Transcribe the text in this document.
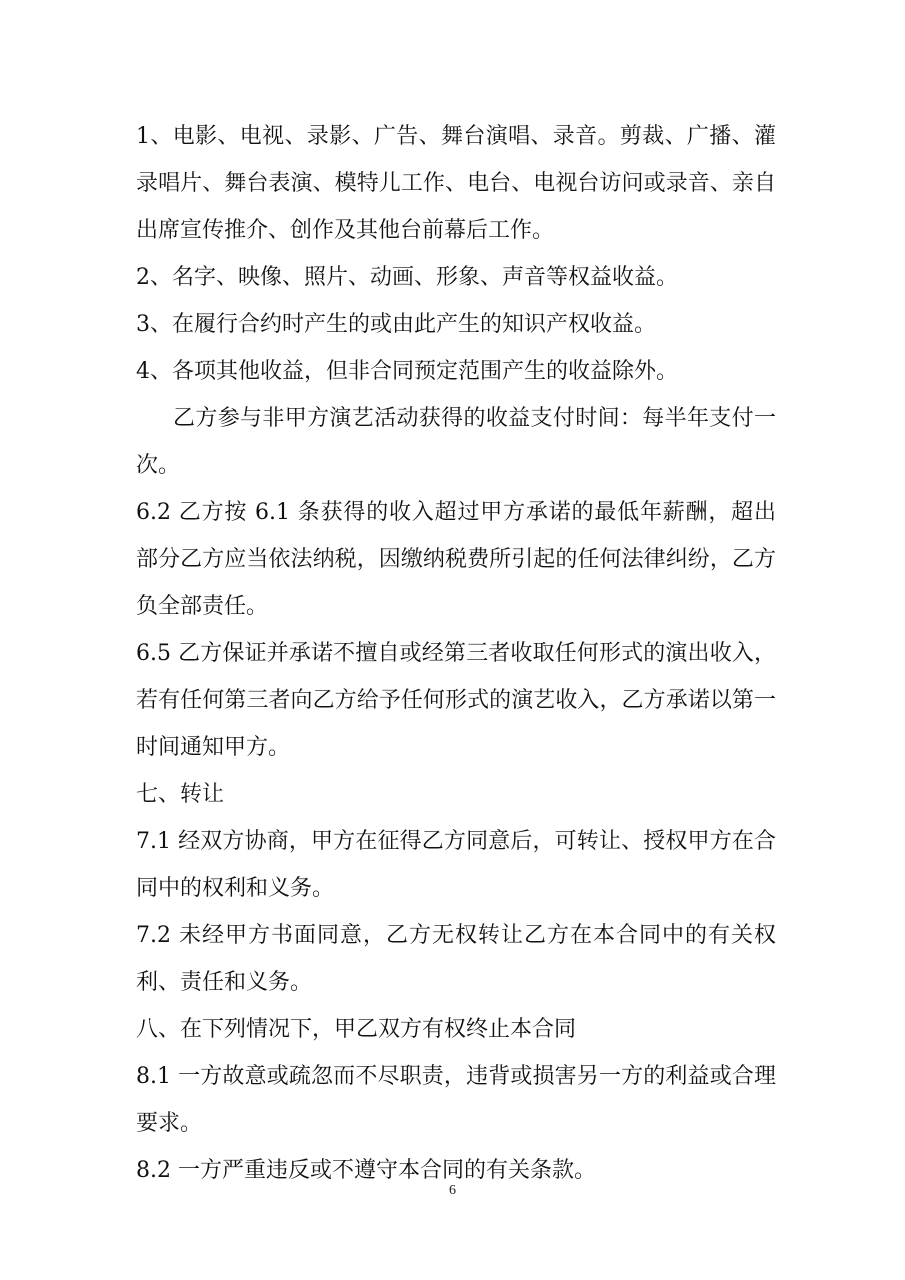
1、电影、电视、录影、广告、舞台演唱、录音。剪裁、广播、灌录唱片、舞台表演、模特儿工作、电台、电视台访问或录音、亲自出席宣传推介、创作及其他台前幕后工作。

2、名字、映像、照片、动画、形象、声音等权益收益。

3、在履行合约时产生的或由此产生的知识产权收益。

4、各项其他收益，但非合同预定范围产生的收益除外。

乙方参与非甲方演艺活动获得的收益支付时间：每半年支付一次。

6.2 乙方按 6.1 条获得的收入超过甲方承诺的最低年薪酬，超出部分乙方应当依法纳税，因缴纳税费所引起的任何法律纠纷，乙方负全部责任。

6.5 乙方保证并承诺不擅自或经第三者收取任何形式的演出收入，若有任何第三者向乙方给予任何形式的演艺收入，乙方承诺以第一时间通知甲方。

七、转让

7.1 经双方协商，甲方在征得乙方同意后，可转让、授权甲方在合同中的权利和义务。

7.2 未经甲方书面同意，乙方无权转让乙方在本合同中的有关权利、责任和义务。

八、在下列情况下，甲乙双方有权终止本合同

8.1 一方故意或疏忽而不尽职责，违背或损害另一方的利益或合理要求。

8.2 一方严重违反或不遵守本合同的有关条款。

6
